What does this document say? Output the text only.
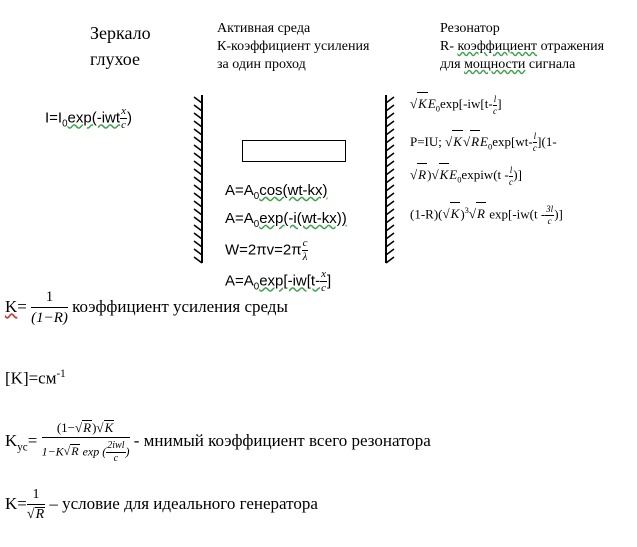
Зеркало
глухое
Активная среда
К-коэффициент усиления
за один проход
Резонатор
R- коэффициент отражения
для мощности сигнала
$I=I_0\exp$(-iwt $\frac{x}{c}$ )
$A=A_0\cos(wt-kx)$
$A=A_0\exp(-i(wt-kx))$
$W=2\pi v=2\pi \frac{c}{\lambda}$
$A=A_0\exp[-iw[t- \frac{x}{c}$ ]
$√KE_0\exp[-iw[t- \frac{l}{c}$ ]
P=IU; $√K√RE_0\exp[wt- \frac{l}{c} ](1-$
$√R)√KE_0expiw(t - \frac{l}{c}$ )]
$(1-R)(√K)^3√R$ $\exp[-iw(t - \frac{3l}{c}$ )]
$K= \frac{1}{(1-R)}$ коэффициент усиления среды
$[K]=см^{-1}$
$K_{ус}= \frac{(1-√R)√K}{1-K√R \exp ( \frac{\text{2iwl}}{c} )}$ - мнимый коэффициент всего резонатора
$K= \frac{1}{√R}$ – условие для идеального генератора
